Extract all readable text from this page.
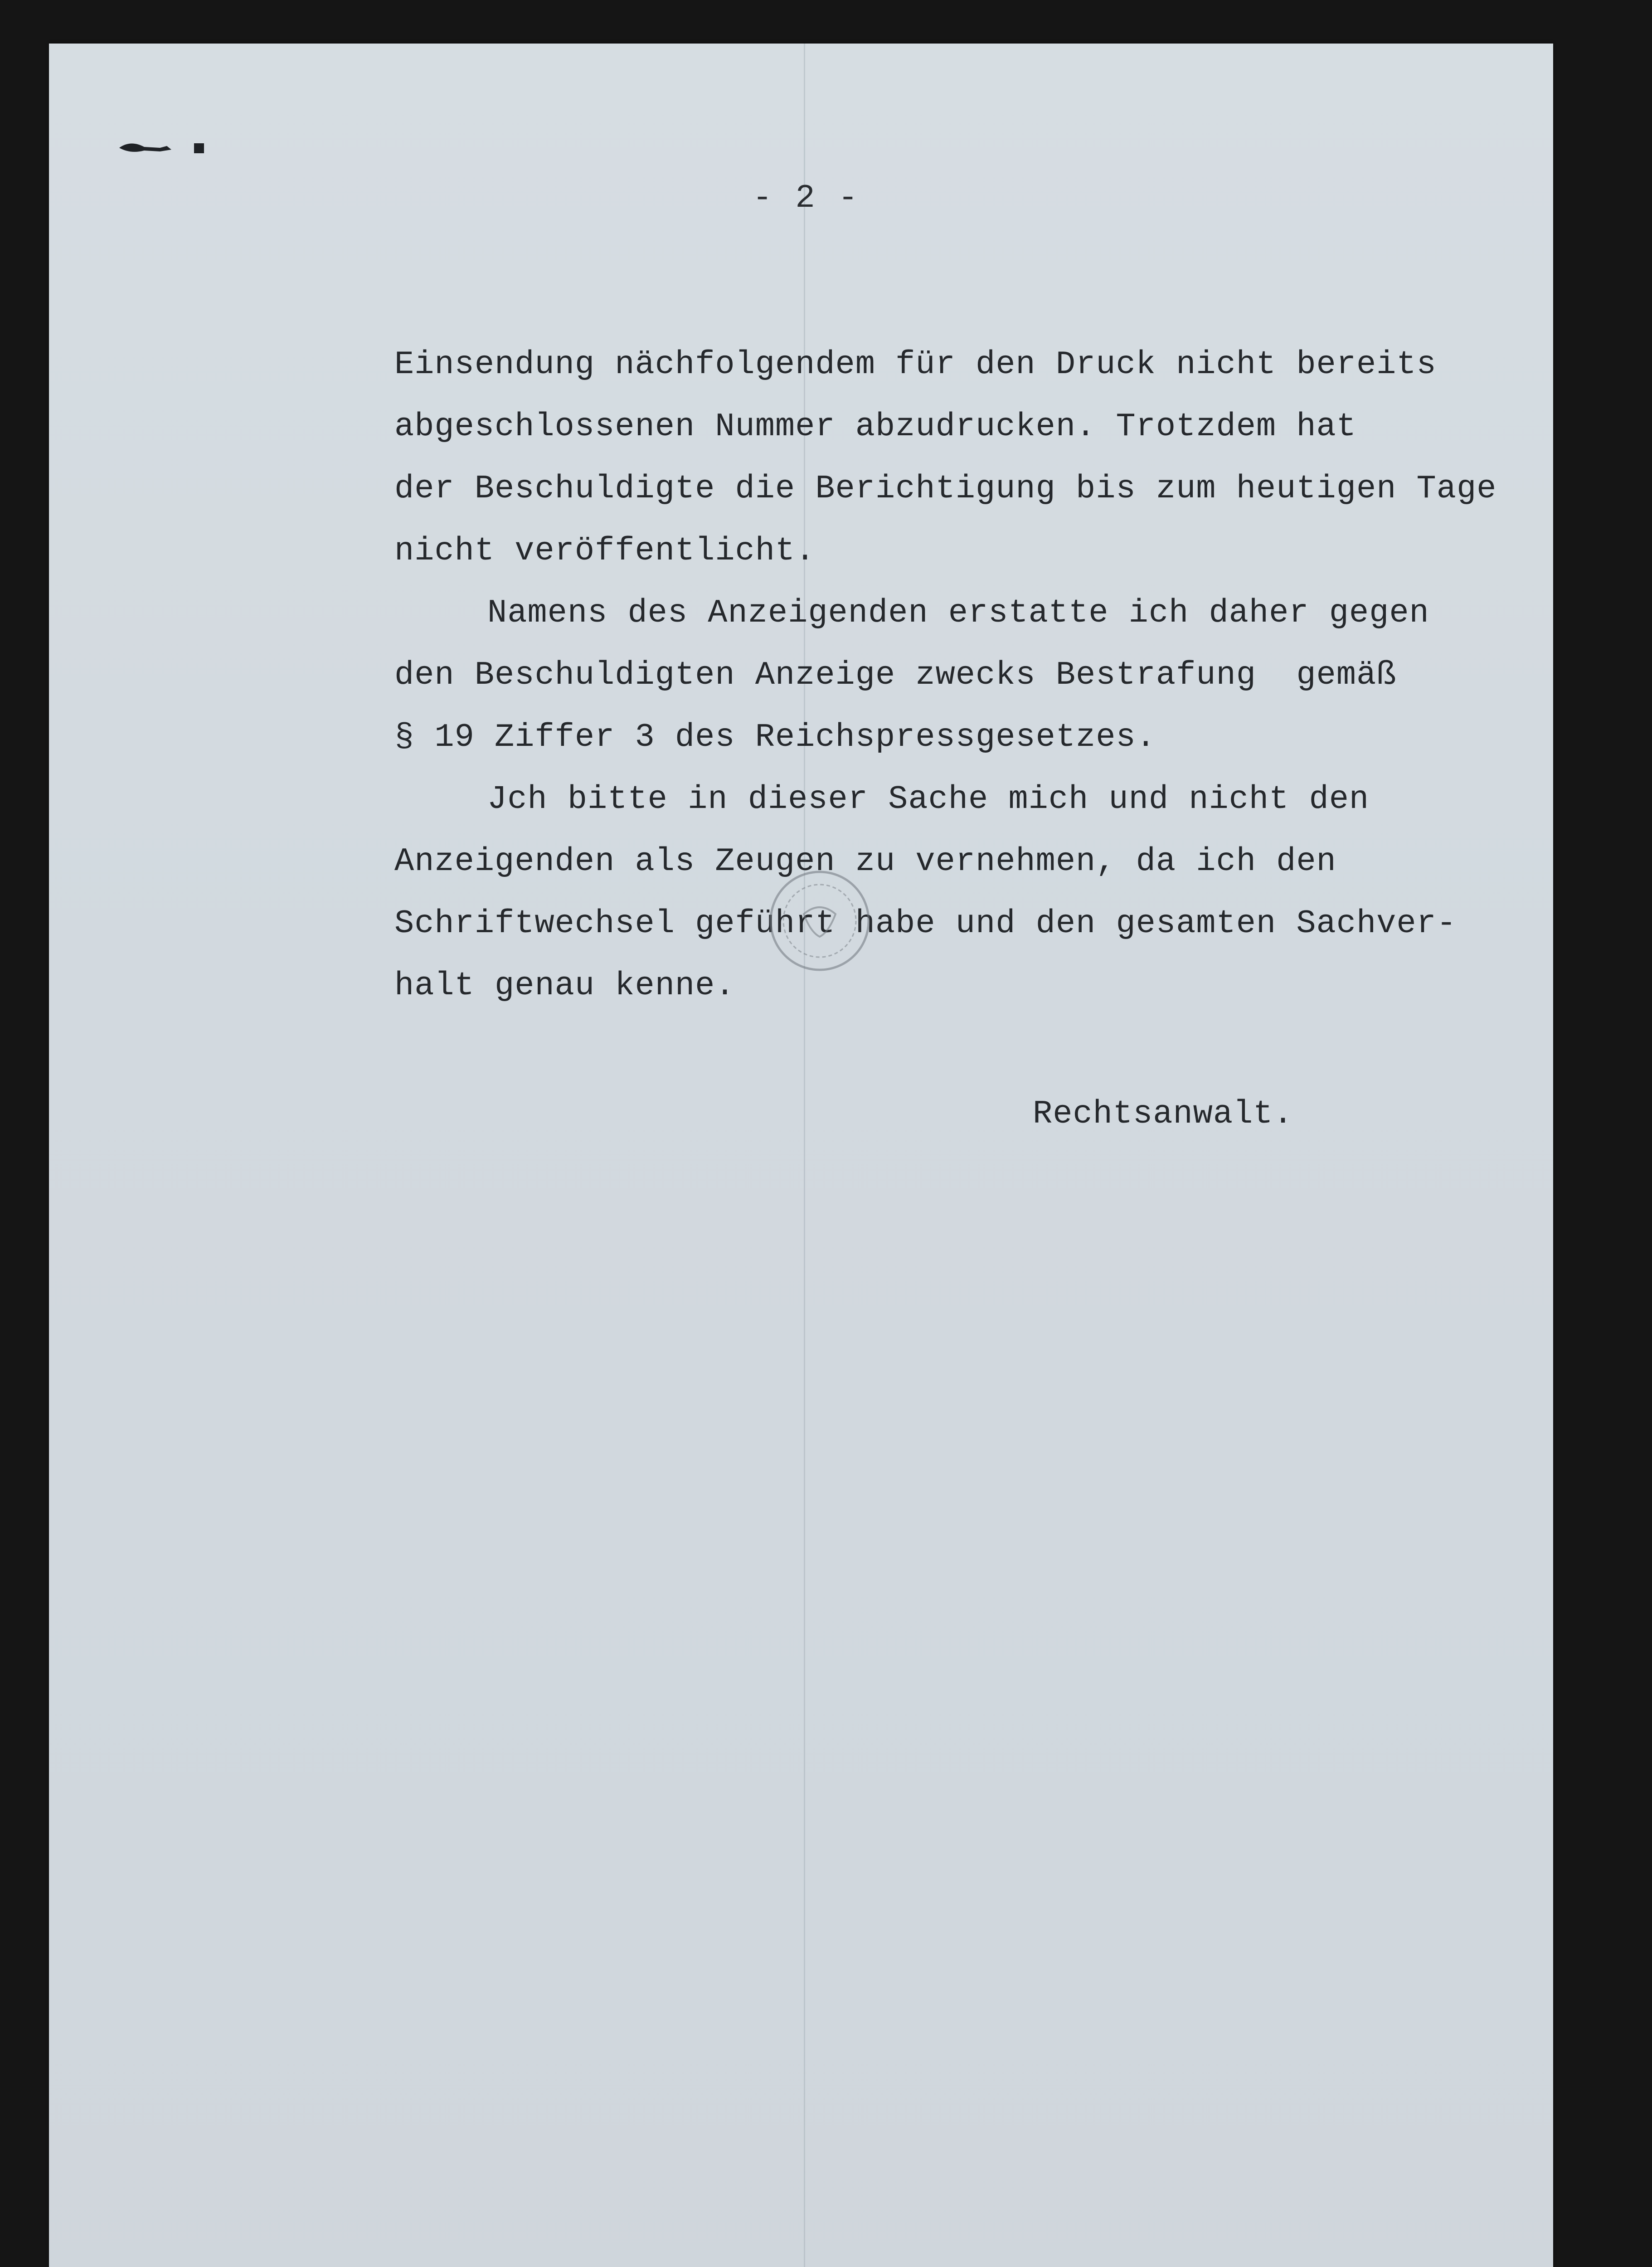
- 2 -
Einsendung nächfolgendem für den Druck nicht bereits
abgeschlossenen Nummer abzudrucken. Trotzdem hat
der Beschuldigte die Berichtigung bis zum heutigen Tage
nicht veröffentlicht.
Namens des Anzeigenden erstatte ich daher gegen
den Beschuldigten Anzeige zwecks Bestrafung  gemäß
§ 19 Ziffer 3 des Reichspressgesetzes.
Jch bitte in dieser Sache mich und nicht den
Anzeigenden als Zeugen zu vernehmen, da ich den
Schriftwechsel geführt habe und den gesamten Sachver-
halt genau kenne.
Rechtsanwalt.
